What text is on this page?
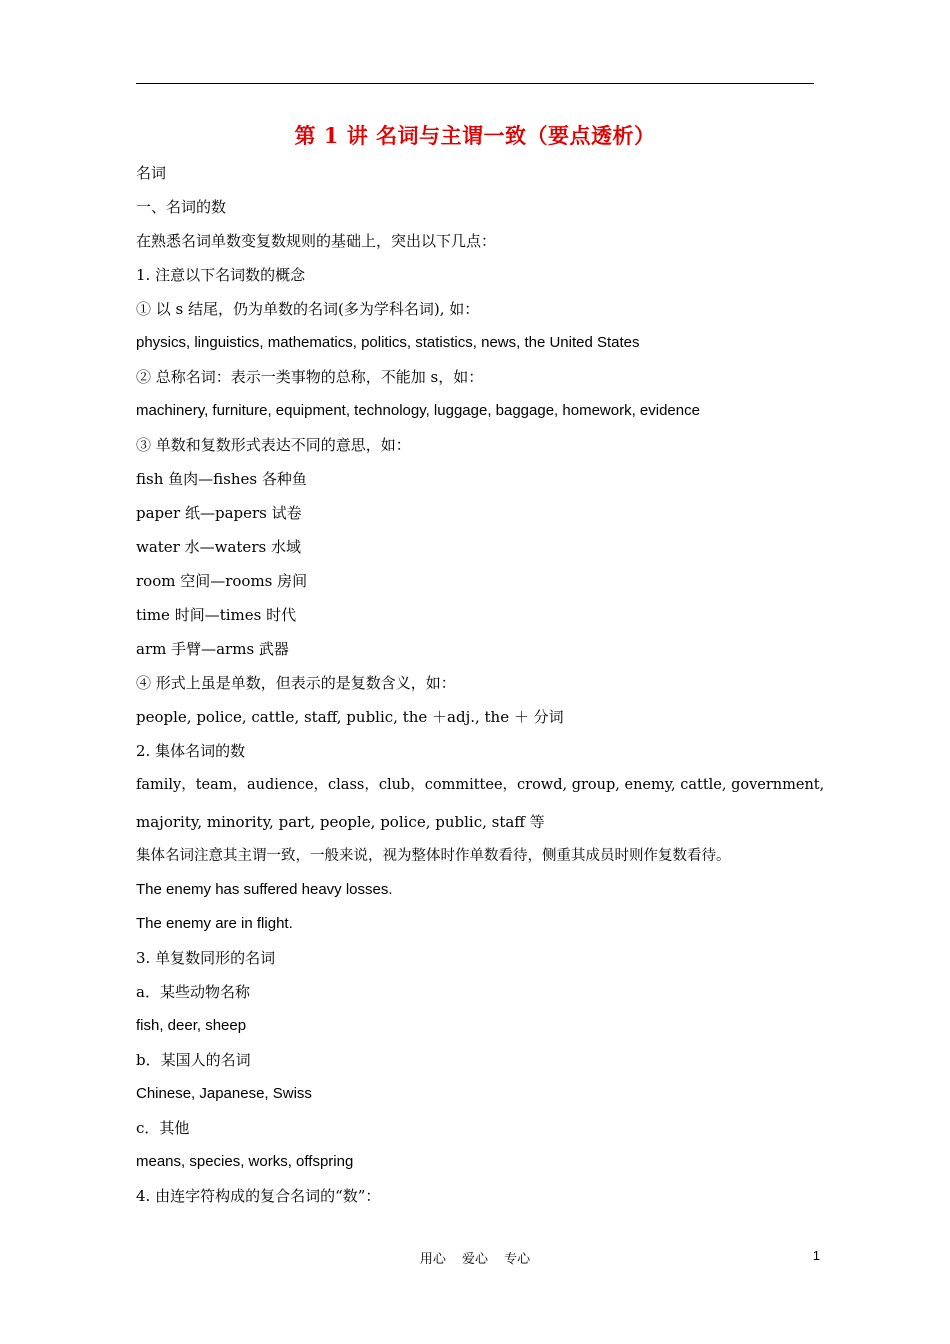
第 1 讲 名词与主谓一致（要点透析）
名词
一、名词的数
在熟悉名词单数变复数规则的基础上，突出以下几点：
1. 注意以下名词数的概念
① 以 s 结尾，仍为单数的名词(多为学科名词), 如：
physics, linguistics, mathematics, politics, statistics, news, the United States
② 总称名词：表示一类事物的总称，不能加 s，如：
machinery, furniture, equipment, technology, luggage, baggage, homework, evidence
③ 单数和复数形式表达不同的意思，如：
fish 鱼肉—fishes 各种鱼
paper 纸—papers 试卷
water 水—waters 水域
room 空间—rooms 房间
time 时间—times 时代
arm 手臂—arms 武器
④ 形式上虽是单数，但表示的是复数含义，如：
people, police, cattle, staff, public, the ＋adj., the ＋ 分词
2. 集体名词的数
family，team，audience，class，club，committee，crowd, group, enemy, cattle, government,
majority, minority, part, people, police, public, staff 等
集体名词注意其主谓一致，一般来说，视为整体时作单数看待，侧重其成员时则作复数看待。
The enemy has suffered heavy losses.
The enemy are in flight.
3. 单复数同形的名词
a．某些动物名称
fish, deer, sheep
b．某国人的名词
Chinese, Japanese, Swiss
c．其他
means, species, works, offspring
4. 由连字符构成的复合名词的“数”：
用心 爱心 专心	1
